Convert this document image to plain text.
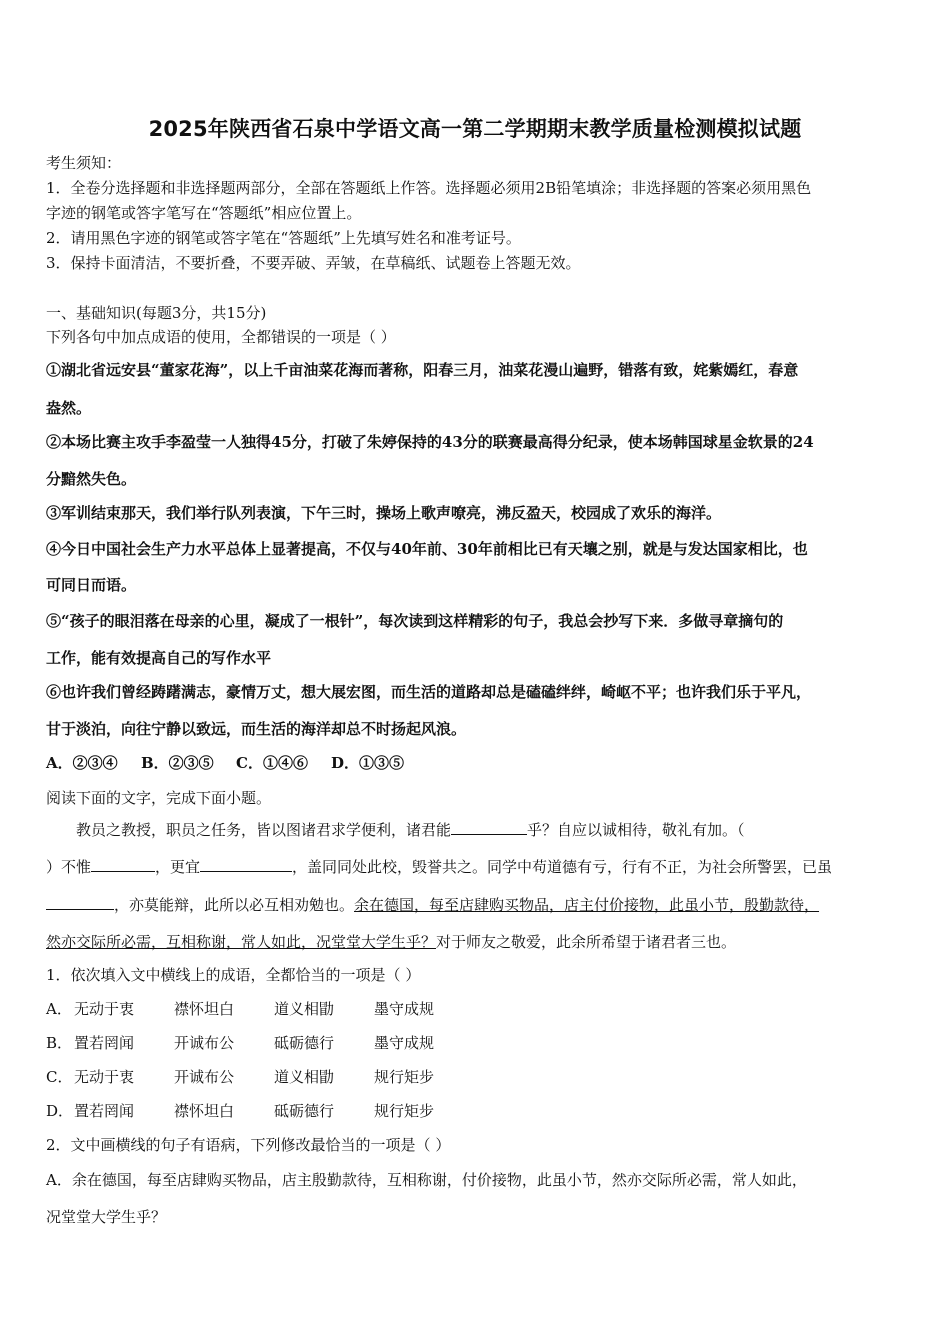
2025年陕西省石泉中学语文高一第二学期期末教学质量检测模拟试题
考生须知：
1．全卷分选择题和非选择题两部分，全部在答题纸上作答。选择题必须用2B铅笔填涂；非选择题的答案必须用黑色
字迹的钢笔或答字笔写在“答题纸”相应位置上。
2．请用黑色字迹的钢笔或答字笔在“答题纸”上先填写姓名和准考证号。
3．保持卡面清洁，不要折叠，不要弄破、弄皱，在草稿纸、试题卷上答题无效。
一、基础知识(每题3分，共15分)
下列各句中加点成语的使用，全都错误的一项是（ ）
①湖北省远安县“董家花海”，以上千亩油菜花海而著称，阳春三月，油菜花漫山遍野，错落有致，姹紫嫣红，春意
盎然。
②本场比赛主攻手李盈莹一人独得45分，打破了朱婷保持的43分的联赛最高得分纪录，使本场韩国球星金软景的24
分黯然失色。
③军训结束那天，我们举行队列表演，下午三时，操场上歌声嘹亮，沸反盈天，校园成了欢乐的海洋。
④今日中国社会生产力水平总体上显著提高，不仅与40年前、30年前相比已有天壤之别，就是与发达国家相比，也
可同日而语。
⑤“孩子的眼泪落在母亲的心里，凝成了一根针”，每次读到这样精彩的句子，我总会抄写下来．多做寻章摘句的
工作，能有效提高自己的写作水平
⑥也许我们曾经踌躇满志，豪情万丈，想大展宏图，而生活的道路却总是磕磕绊绊，崎岖不平；也许我们乐于平凡，
甘于淡泊，向往宁静以致远，而生活的海洋却总不时扬起风浪。
A．②③④ B．②③⑤ C．①④⑥ D．①③⑤
阅读下面的文字，完成下面小题。
教员之教授，职员之任务，皆以图诸君求学便利，诸君能	乎？自应以诚相待，敬礼有加。（
）不惟	，更宜	，盖同同处此校，毁誉共之。同学中苟道德有亏，行有不正，为社会所警罢，已虽
，亦莫能辩，此所以必互相劝勉也。余在德国，每至店肆购买物品，店主付价接物，此虽小节，殷勤款待，
然亦交际所必需，互相称谢，常人如此，况堂堂大学生乎？对于师友之敬爱，此余所希望于诸君者三也。
1．依次填入文中横线上的成语，全都恰当的一项是（ ）
A． 无动于衷	襟怀坦白	道义相勖	墨守成规
B． 置若罔闻	开诚布公	砥砺德行	墨守成规
C． 无动于衷	开诚布公	道义相勖	规行矩步
D．置若罔闻	襟怀坦白	砥砺德行	规行矩步
2．文中画横线的句子有语病，下列修改最恰当的一项是（ ）
A．余在德国，每至店肆购买物品，店主殷勤款待，互相称谢，付价接物，此虽小节，然亦交际所必需，常人如此，
况堂堂大学生乎？
